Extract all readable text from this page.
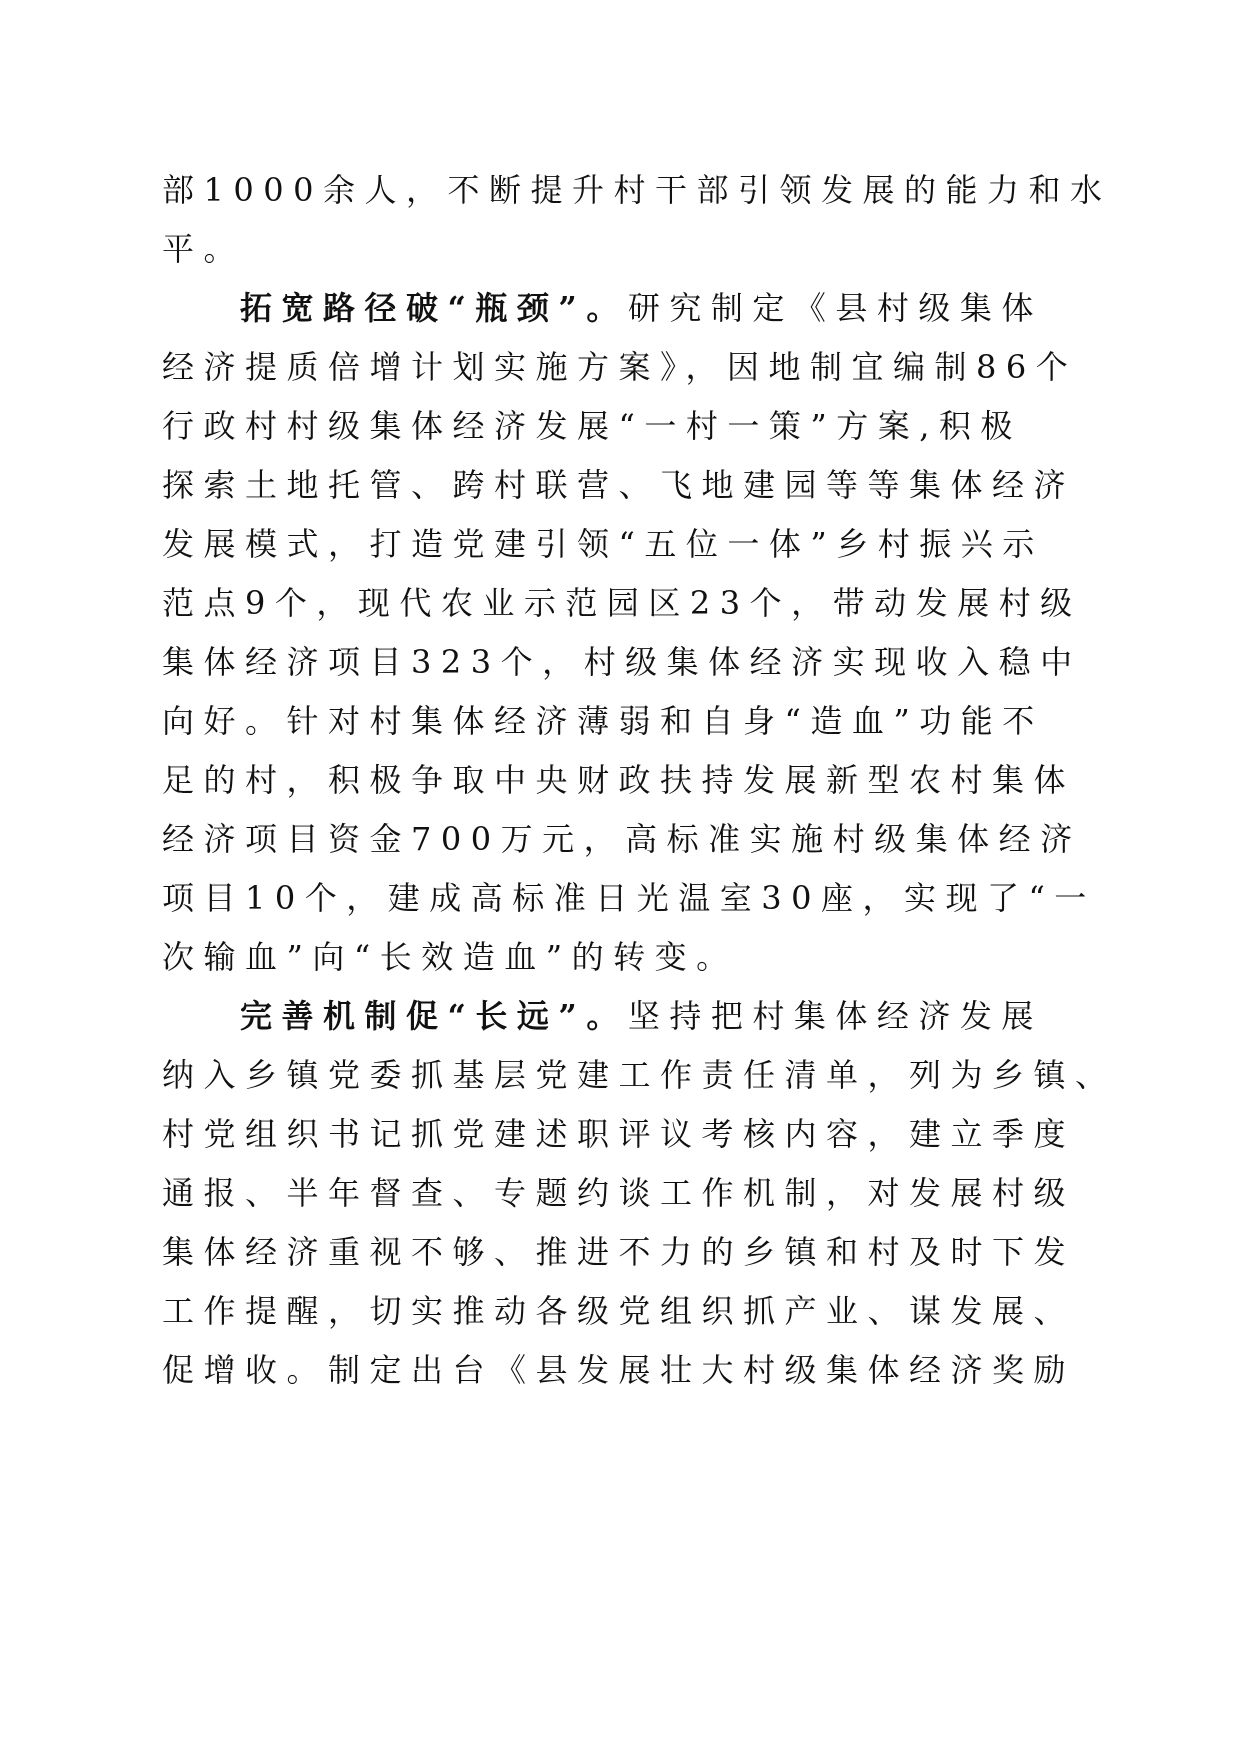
部1000余人，不断提升村干部引领发展的能力和水
平。
拓宽路径破“瓶颈”。研究制定《县村级集体
经济提质倍增计划实施方案》，因地制宜编制86个
行政村村级集体经济发展“一村一策”方案,积极
探索土地托管、跨村联营、飞地建园等等集体经济
发展模式，打造党建引领“五位一体”乡村振兴示
范点9个，现代农业示范园区23个，带动发展村级
集体经济项目323个，村级集体经济实现收入稳中
向好。针对村集体经济薄弱和自身“造血”功能不
足的村，积极争取中央财政扶持发展新型农村集体
经济项目资金700万元，高标准实施村级集体经济
项目10个，建成高标准日光温室30座，实现了“一
次输血”向“长效造血”的转变。
完善机制促“长远”。坚持把村集体经济发展
纳入乡镇党委抓基层党建工作责任清单，列为乡镇、
村党组织书记抓党建述职评议考核内容，建立季度
通报、半年督查、专题约谈工作机制，对发展村级
集体经济重视不够、推进不力的乡镇和村及时下发
工作提醒，切实推动各级党组织抓产业、谋发展、
促增收。制定出台《县发展壮大村级集体经济奖励
